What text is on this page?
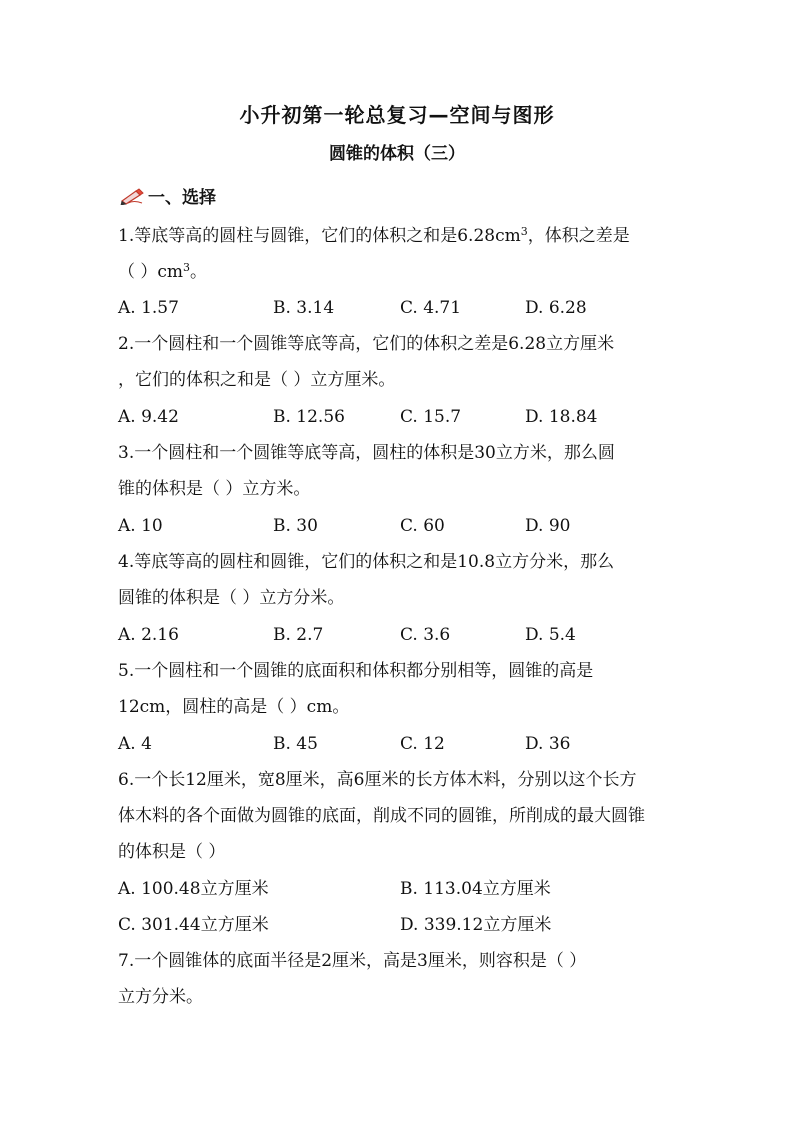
小升初第一轮总复习—空间与图形
圆锥的体积（三）
一、选择
1.等底等高的圆柱与圆锥，它们的体积之和是$6.28cm^3$，体积之差是
（ ）$cm^3$。
A. 1.57	B. 3.14	C. 4.71	D. 6.28
2.一个圆柱和一个圆锥等底等高，它们的体积之差是6.28立方厘米
，它们的体积之和是（ ）立方厘米。
A. 9.42	B. 12.56	C. 15.7	D. 18.84
3.一个圆柱和一个圆锥等底等高，圆柱的体积是30立方米，那么圆
锥的体积是（ ）立方米。
A. 10	B. 30	C. 60	D. 90
4.等底等高的圆柱和圆锥，它们的体积之和是10.8立方分米，那么
圆锥的体积是（ ）立方分米。
A. 2.16	B. 2.7	C. 3.6	D. 5.4
5.一个圆柱和一个圆锥的底面积和体积都分别相等，圆锥的高是
12cm，圆柱的高是（ ）cm。
A. 4	B. 45	C. 12	D. 36
6.一个长12厘米，宽8厘米，高6厘米的长方体木料，分别以这个长方
体木料的各个面做为圆锥的底面，削成不同的圆锥，所削成的最大圆锥
的体积是（ ）
A. 100.48立方厘米	B. 113.04立方厘米
C. 301.44立方厘米	D. 339.12立方厘米
7.一个圆锥体的底面半径是2厘米，高是3厘米，则容积是（ ）
立方分米。
